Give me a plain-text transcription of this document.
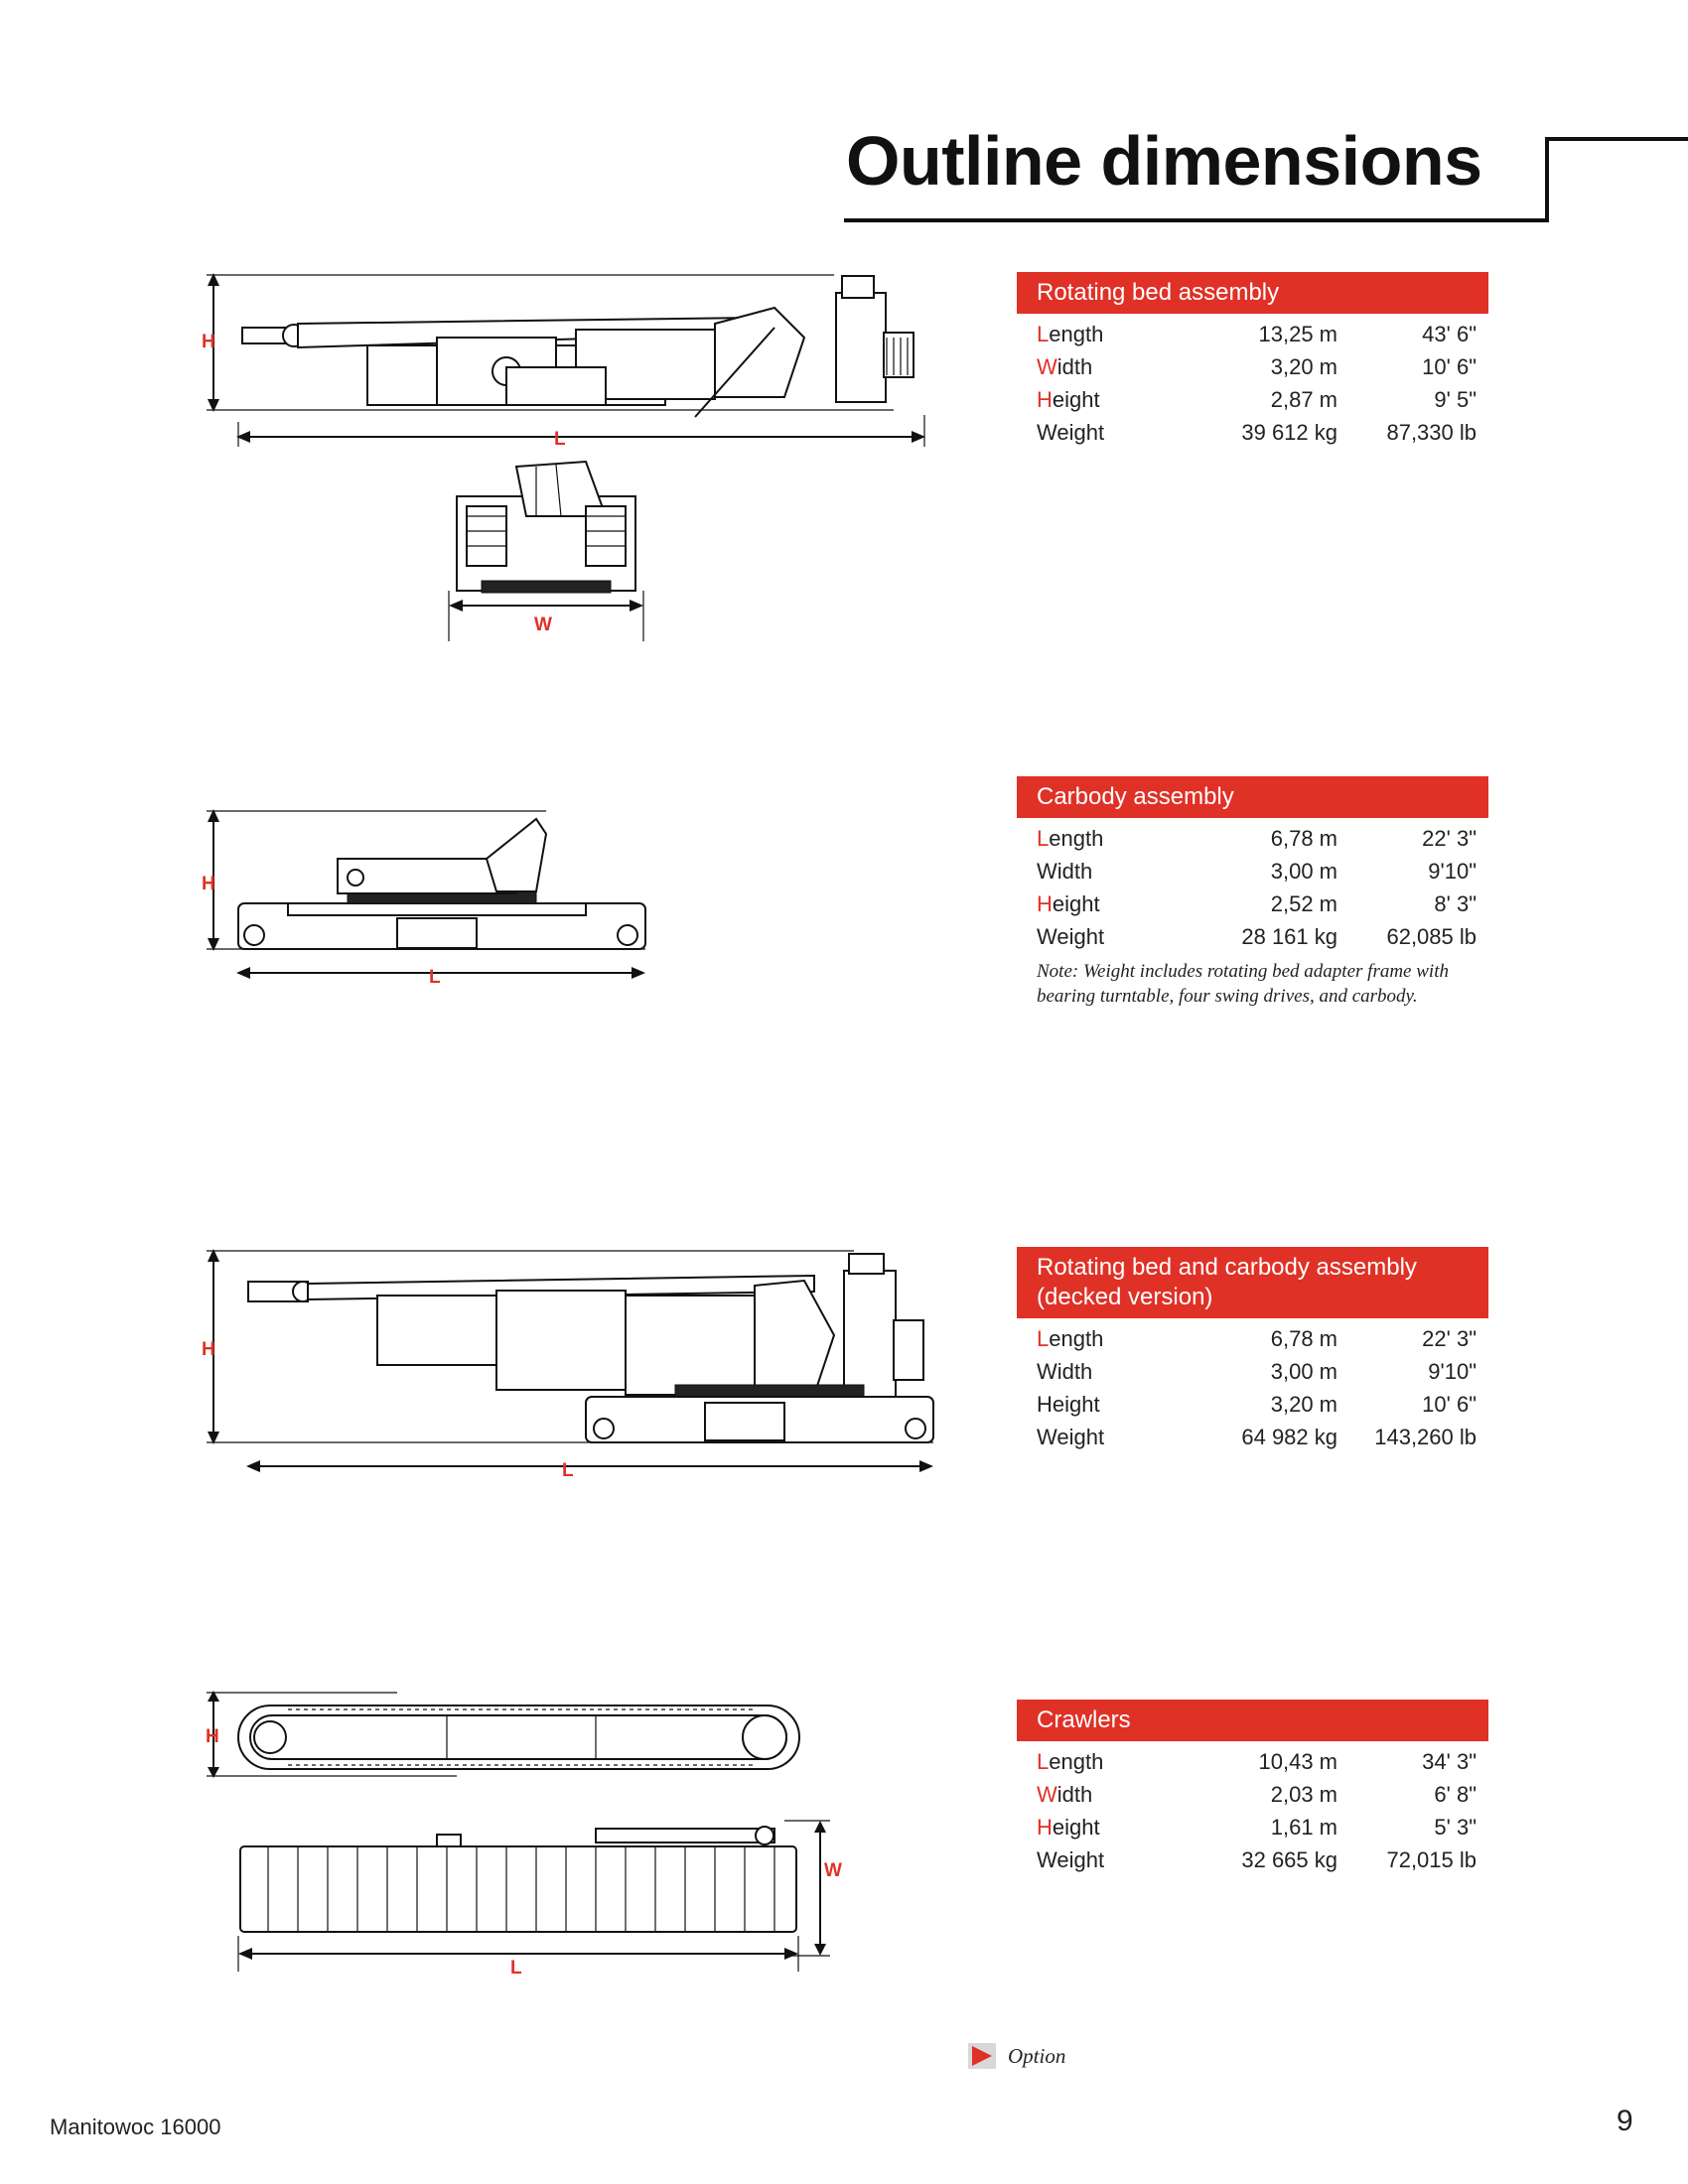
Outline dimensions
H
L
W
H
L
H
L
H
W
L
Rotating bed assembly
Length	13,25 m	43' 6"
Width	3,20 m	10' 6"
Height	2,87 m	9' 5"
Weight	39 612 kg	87,330 lb
Carbody assembly
Length	6,78 m	22' 3"
Width	3,00 m	9'10"
Height	2,52 m	8' 3"
Weight	28 161 kg	62,085 lb
Note: Weight includes rotating bed adapter frame with bearing turntable, four swing drives, and carbody.
Rotating bed and carbody assembly (decked version)
Length	6,78 m	22' 3"
Width	3,00 m	9'10"
Height	3,20 m	10' 6"
Weight	64 982 kg	143,260 lb
Crawlers
Length	10,43 m	34' 3"
Width	2,03 m	6' 8"
Height	1,61 m	5' 3"
Weight	32 665 kg	72,015 lb
Option
Manitowoc 16000	9
